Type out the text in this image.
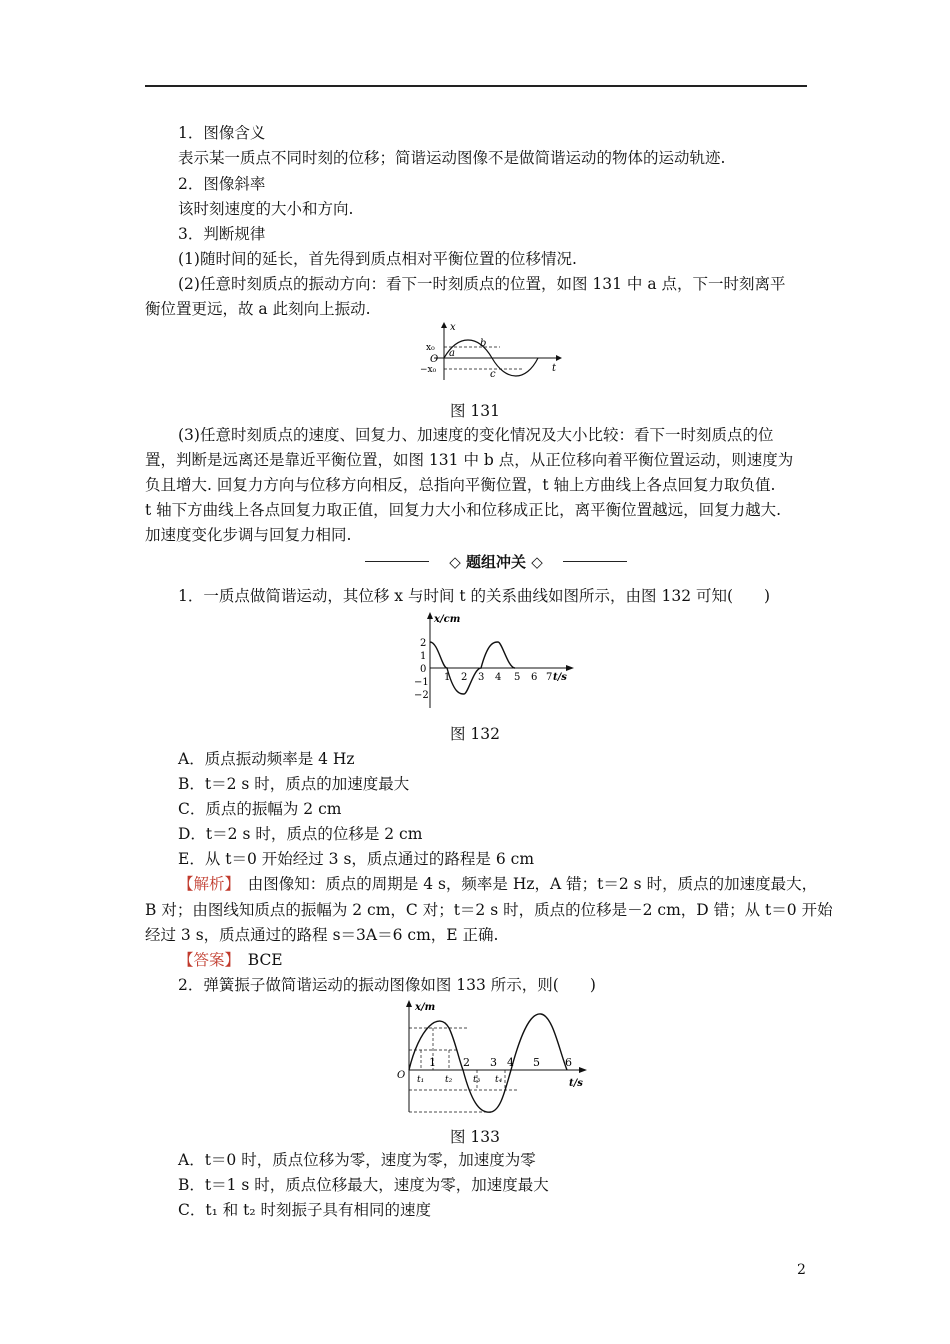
1．图像含义
表示某一质点不同时刻的位移；简谐运动图像不是做简谐运动的物体的运动轨迹.
2．图像斜率
该时刻速度的大小和方向.
3．判断规律
(1)随时间的延长，首先得到质点相对平衡位置的位移情况.
(2)任意时刻质点的振动方向：看下一时刻质点的位置，如图 131 中 a 点，下一时刻离平
衡位置更远，故 a 此刻向上振动.
x
t
x₀
O
−x₀
a
b
c
图 131
(3)任意时刻质点的速度、回复力、加速度的变化情况及大小比较：看下一时刻质点的位
置，判断是远离还是靠近平衡位置，如图 131 中 b 点，从正位移向着平衡位置运动，则速度为
负且增大. 回复力方向与位移方向相反，总指向平衡位置，t 轴上方曲线上各点回复力取负值.
t 轴下方曲线上各点回复力取正值，回复力大小和位移成正比，离平衡位置越远，回复力越大.
加速度变化步调与回复力相同.
◇ 题组冲关 ◇
1．一质点做简谐运动，其位移 x 与时间 t 的关系曲线如图所示，由图 132 可知(　　)
x/cm
t/s
2
1
0
−1
−2
1 2 3 4 5 6 7
图 132
A．质点振动频率是 4 Hz
B．t＝2 s 时，质点的加速度最大
C．质点的振幅为 2 cm
D．t＝2 s 时，质点的位移是 2 cm
E．从 t＝0 开始经过 3 s，质点通过的路程是 6 cm
【解析】　由图像知：质点的周期是 4 s，频率是 Hz，A 错；t＝2 s 时，质点的加速度最大，
B 对；由图线知质点的振幅为 2 cm，C 对；t＝2 s 时，质点的位移是－2 cm，D 错；从 t＝0 开始
经过 3 s，质点通过的路程 s＝3A＝6 cm，E 正确.
【答案】　BCE
2．弹簧振子做简谐运动的振动图像如图 133 所示，则(　　)
x/m
t/s
O
1 2 3 4 5 6
t₁ t₂ t₃ t₄
图 133
A．t＝0 时，质点位移为零，速度为零，加速度为零
B．t＝1 s 时，质点位移最大，速度为零，加速度最大
C．t₁ 和 t₂ 时刻振子具有相同的速度
2
